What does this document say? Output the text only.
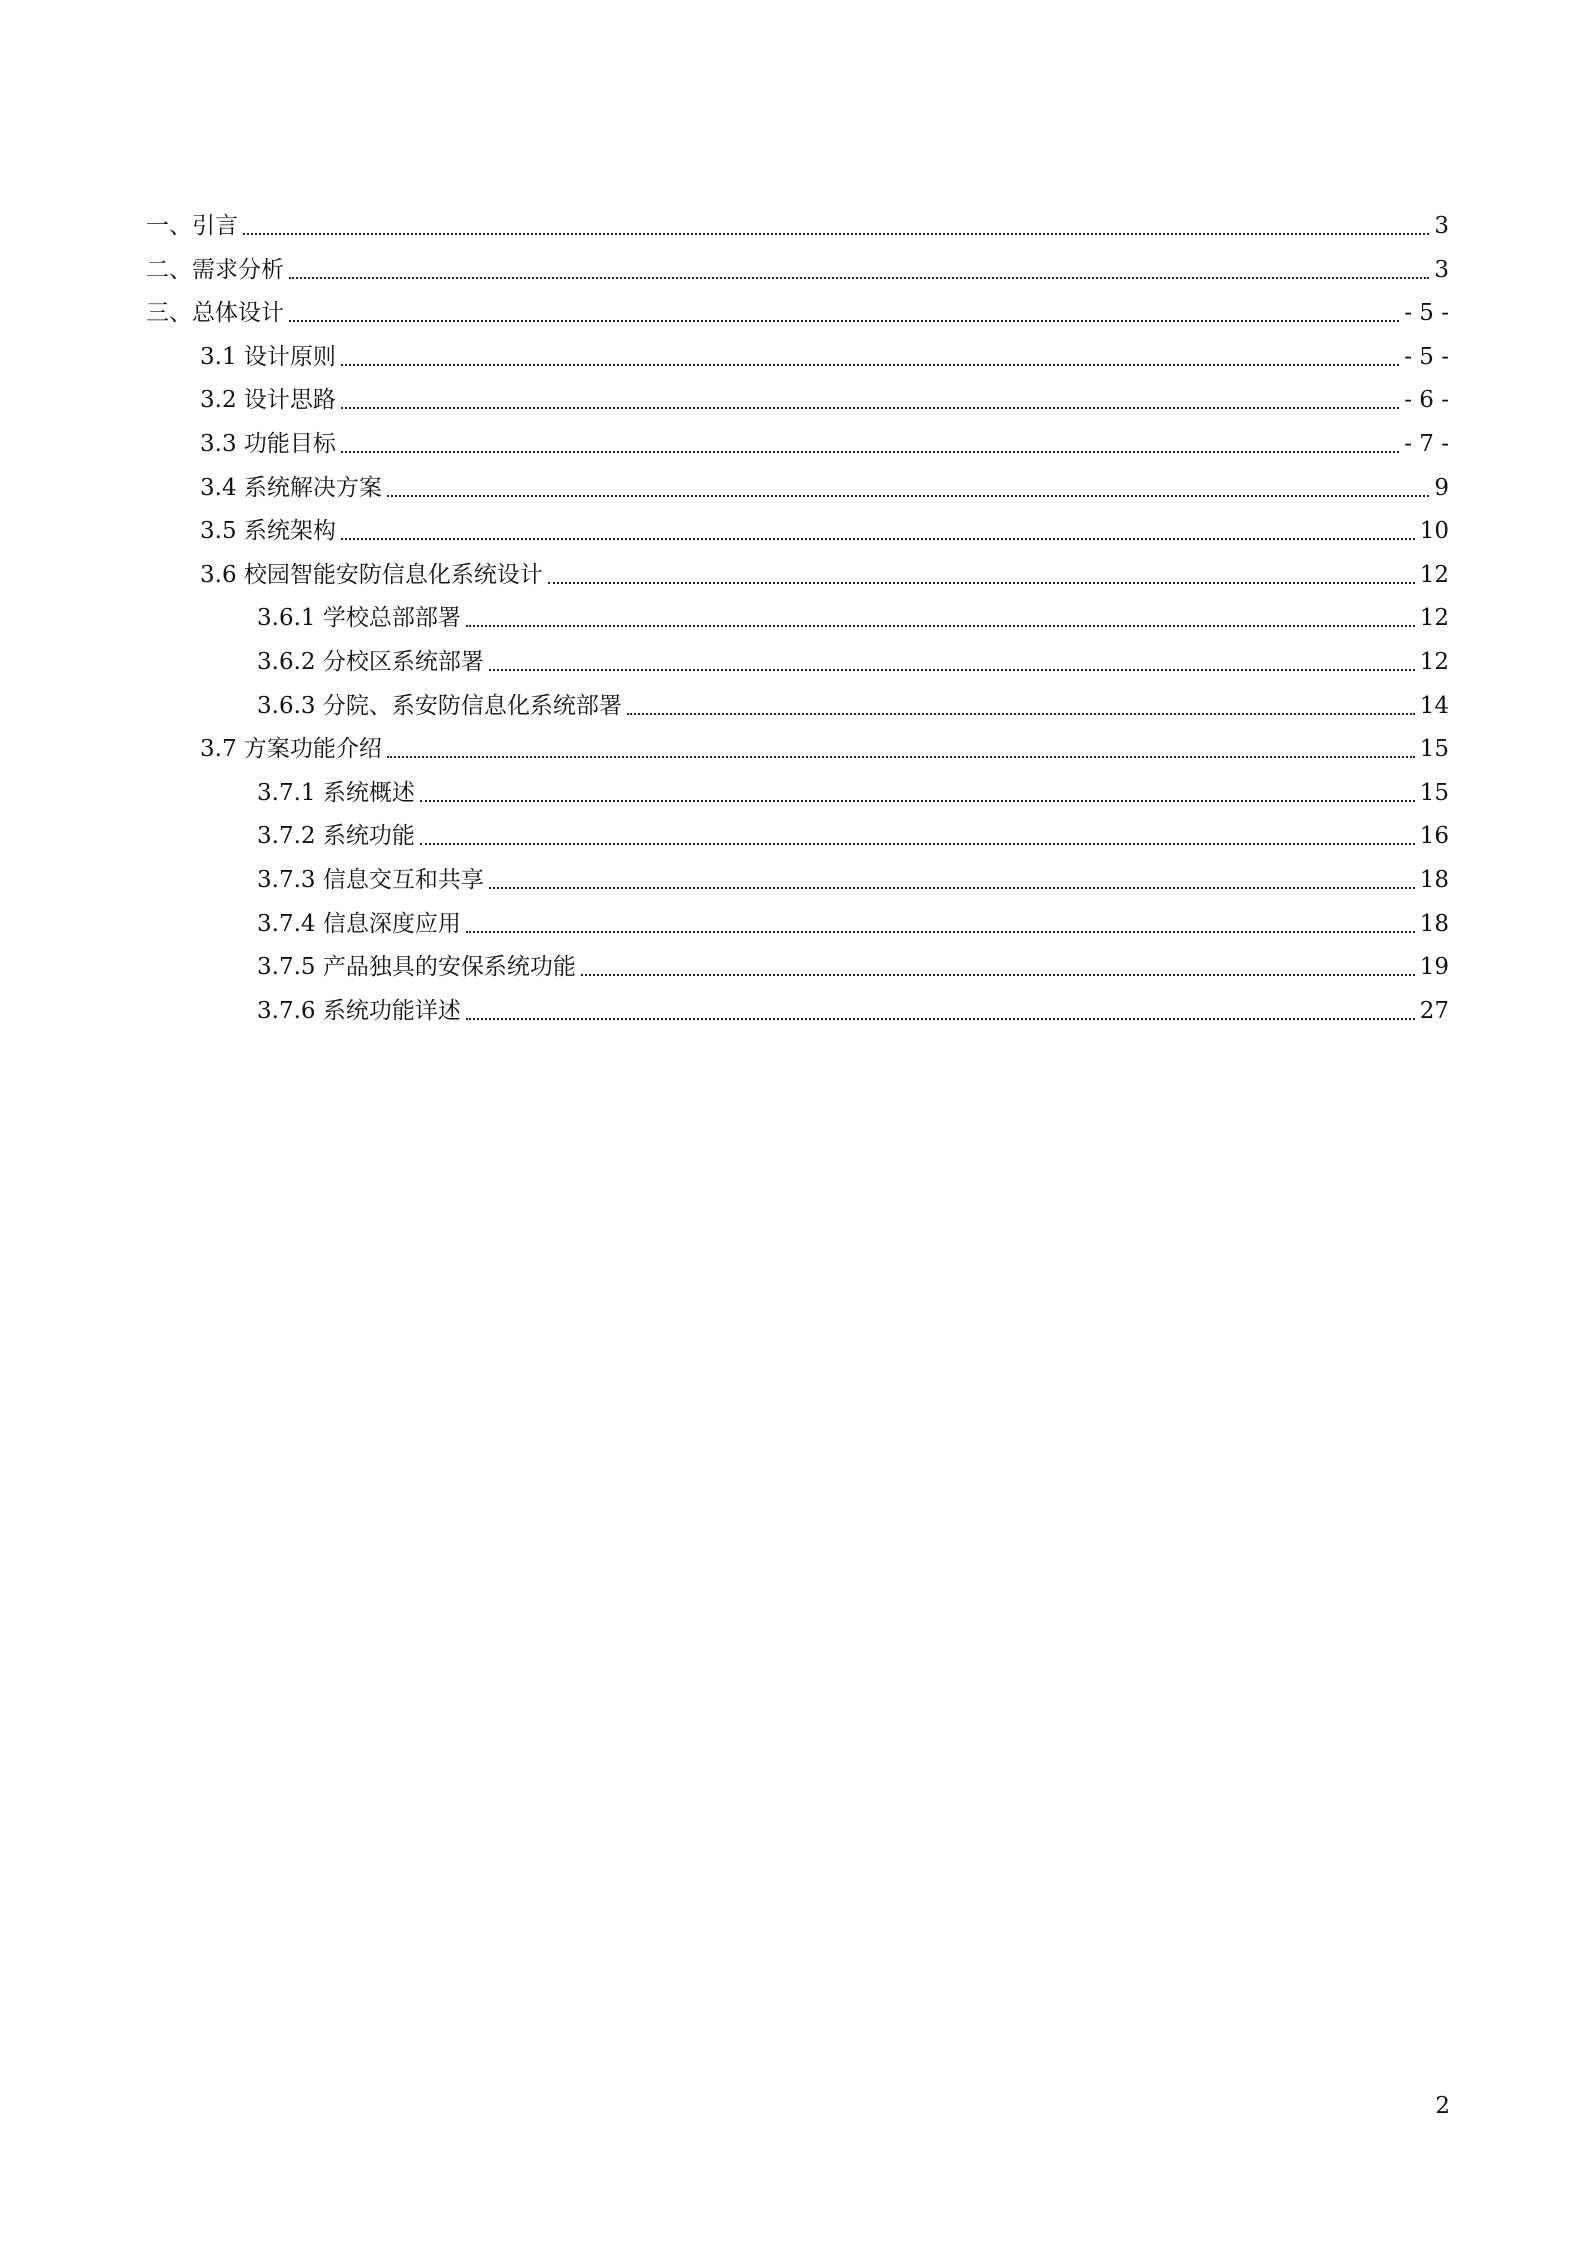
一、引言	3
二、需求分析	3
三、总体设计	- 5 -
3.1 设计原则	- 5 -
3.2 设计思路	- 6 -
3.3 功能目标	- 7 -
3.4 系统解决方案	9
3.5 系统架构	10
3.6 校园智能安防信息化系统设计	12
3.6.1 学校总部部署	12
3.6.2 分校区系统部署	12
3.6.3 分院、系安防信息化系统部署	14
3.7 方案功能介绍	15
3.7.1 系统概述	15
3.7.2 系统功能	16
3.7.3 信息交互和共享	18
3.7.4 信息深度应用	18
3.7.5 产品独具的安保系统功能	19
3.7.6 系统功能详述	27
2
